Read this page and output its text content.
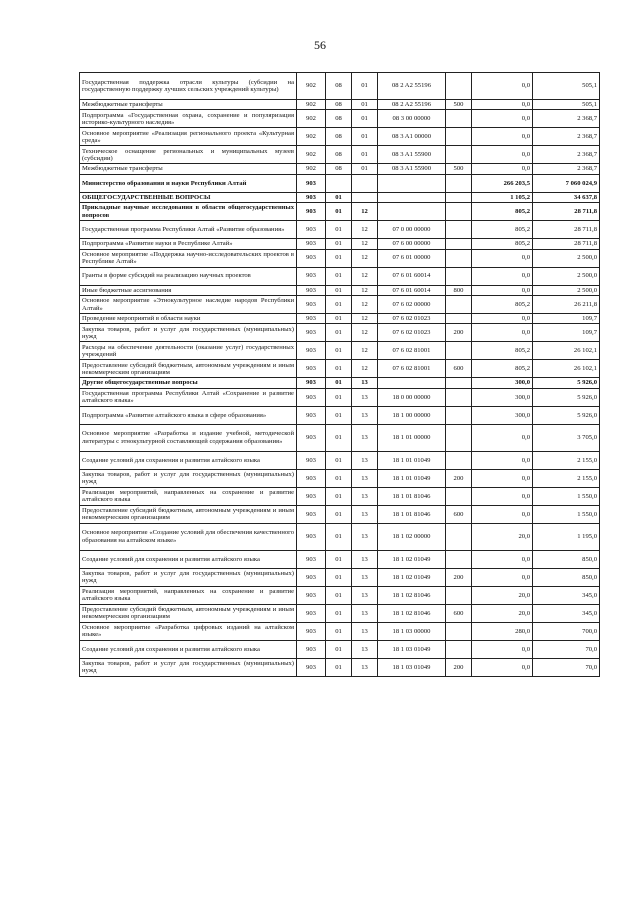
56
Государственная поддержка отрасли культуры (субсидии на государственную поддержку лучших сельских учреждений культуры)	902	08	01	08 2 A2 55196		0,0	505,1
Межбюджетные трансферты	902	08	01	08 2 A2 55196	500	0,0	505,1
Подпрограмма «Государственная охрана, сохранение и популяризация историко-культурного наследия»	902	08	01	08 3 00 00000		0,0	2 368,7
Основное мероприятие «Реализация регионального проекта «Культурная среда»	902	08	01	08 3 A1 00000		0,0	2 368,7
Техническое оснащение региональных и муниципальных музеев (субсидии)	902	08	01	08 3 A1 55900		0,0	2 368,7
Межбюджетные трансферты	902	08	01	08 3 A1 55900	500	0,0	2 368,7
Министерство образования и науки Республики Алтай	903					266 203,5	7 060 024,9
ОБЩЕГОСУДАРСТВЕННЫЕ ВОПРОСЫ	903	01				1 105,2	34 637,8
Прикладные научные исследования в области общегосударственных вопросов	903	01	12			805,2	28 711,8
Государственная программа Республики Алтай «Развитие образования»	903	01	12	07 0 00 00000		805,2	28 711,8
Подпрограмма «Развитие науки в Республике Алтай»	903	01	12	07 6 00 00000		805,2	28 711,8
Основное мероприятие «Поддержка научно-исследовательских проектов в Республике Алтай»	903	01	12	07 6 01 00000		0,0	2 500,0
Гранты в форме субсидий на реализацию научных проектов	903	01	12	07 6 01 60014		0,0	2 500,0
Иные бюджетные ассигнования	903	01	12	07 6 01 60014	800	0,0	2 500,0
Основное мероприятие «Этнокультурное наследие народов Республики Алтай»	903	01	12	07 6 02 00000		805,2	26 211,8
Проведение мероприятий в области науки	903	01	12	07 6 02 01023		0,0	109,7
Закупка товаров, работ и услуг для государственных (муниципальных) нужд	903	01	12	07 6 02 01023	200	0,0	109,7
Расходы на обеспечение деятельности (оказание услуг) государственных учреждений	903	01	12	07 6 02 81001		805,2	26 102,1
Предоставление субсидий бюджетным, автономным учреждениям и иным некоммерческим организациям	903	01	12	07 6 02 81001	600	805,2	26 102,1
Другие общегосударственные вопросы	903	01	13			300,0	5 926,0
Государственная программа Республики Алтай «Сохранение и развитие алтайского языка»	903	01	13	18 0 00 00000		300,0	5 926,0
Подпрограмма «Развитие алтайского языка в сфере образования»	903	01	13	18 1 00 00000		300,0	5 926,0
Основное мероприятие «Разработка и издание учебной, методической литературы с этнокультурной составляющей содержания образования»	903	01	13	18 1 01 00000		0,0	3 705,0
Создание условий для сохранения и развития алтайского языка	903	01	13	18 1 01 01049		0,0	2 155,0
Закупка товаров, работ и услуг для государственных (муниципальных) нужд	903	01	13	18 1 01 01049	200	0,0	2 155,0
Реализация мероприятий, направленных на сохранение и развитие алтайского языка	903	01	13	18 1 01 81046		0,0	1 550,0
Предоставление субсидий бюджетным, автономным учреждениям и иным некоммерческим организациям	903	01	13	18 1 01 81046	600	0,0	1 550,0
Основное мероприятие «Создание условий для обеспечения качественного образования на алтайском языке»	903	01	13	18 1 02 00000		20,0	1 195,0
Создание условий для сохранения и развития алтайского языка	903	01	13	18 1 02 01049		0,0	850,0
Закупка товаров, работ и услуг для государственных (муниципальных) нужд	903	01	13	18 1 02 01049	200	0,0	850,0
Реализация мероприятий, направленных на сохранение и развитие алтайского языка	903	01	13	18 1 02 81046		20,0	345,0
Предоставление субсидий бюджетным, автономным учреждениям и иным некоммерческим организациям	903	01	13	18 1 02 81046	600	20,0	345,0
Основное мероприятие «Разработка цифровых изданий на алтайском языке»	903	01	13	18 1 03 00000		280,0	700,0
Создание условий для сохранения и развития алтайского языка	903	01	13	18 1 03 01049		0,0	70,0
Закупка товаров, работ и услуг для государственных (муниципальных) нужд	903	01	13	18 1 03 01049	200	0,0	70,0
